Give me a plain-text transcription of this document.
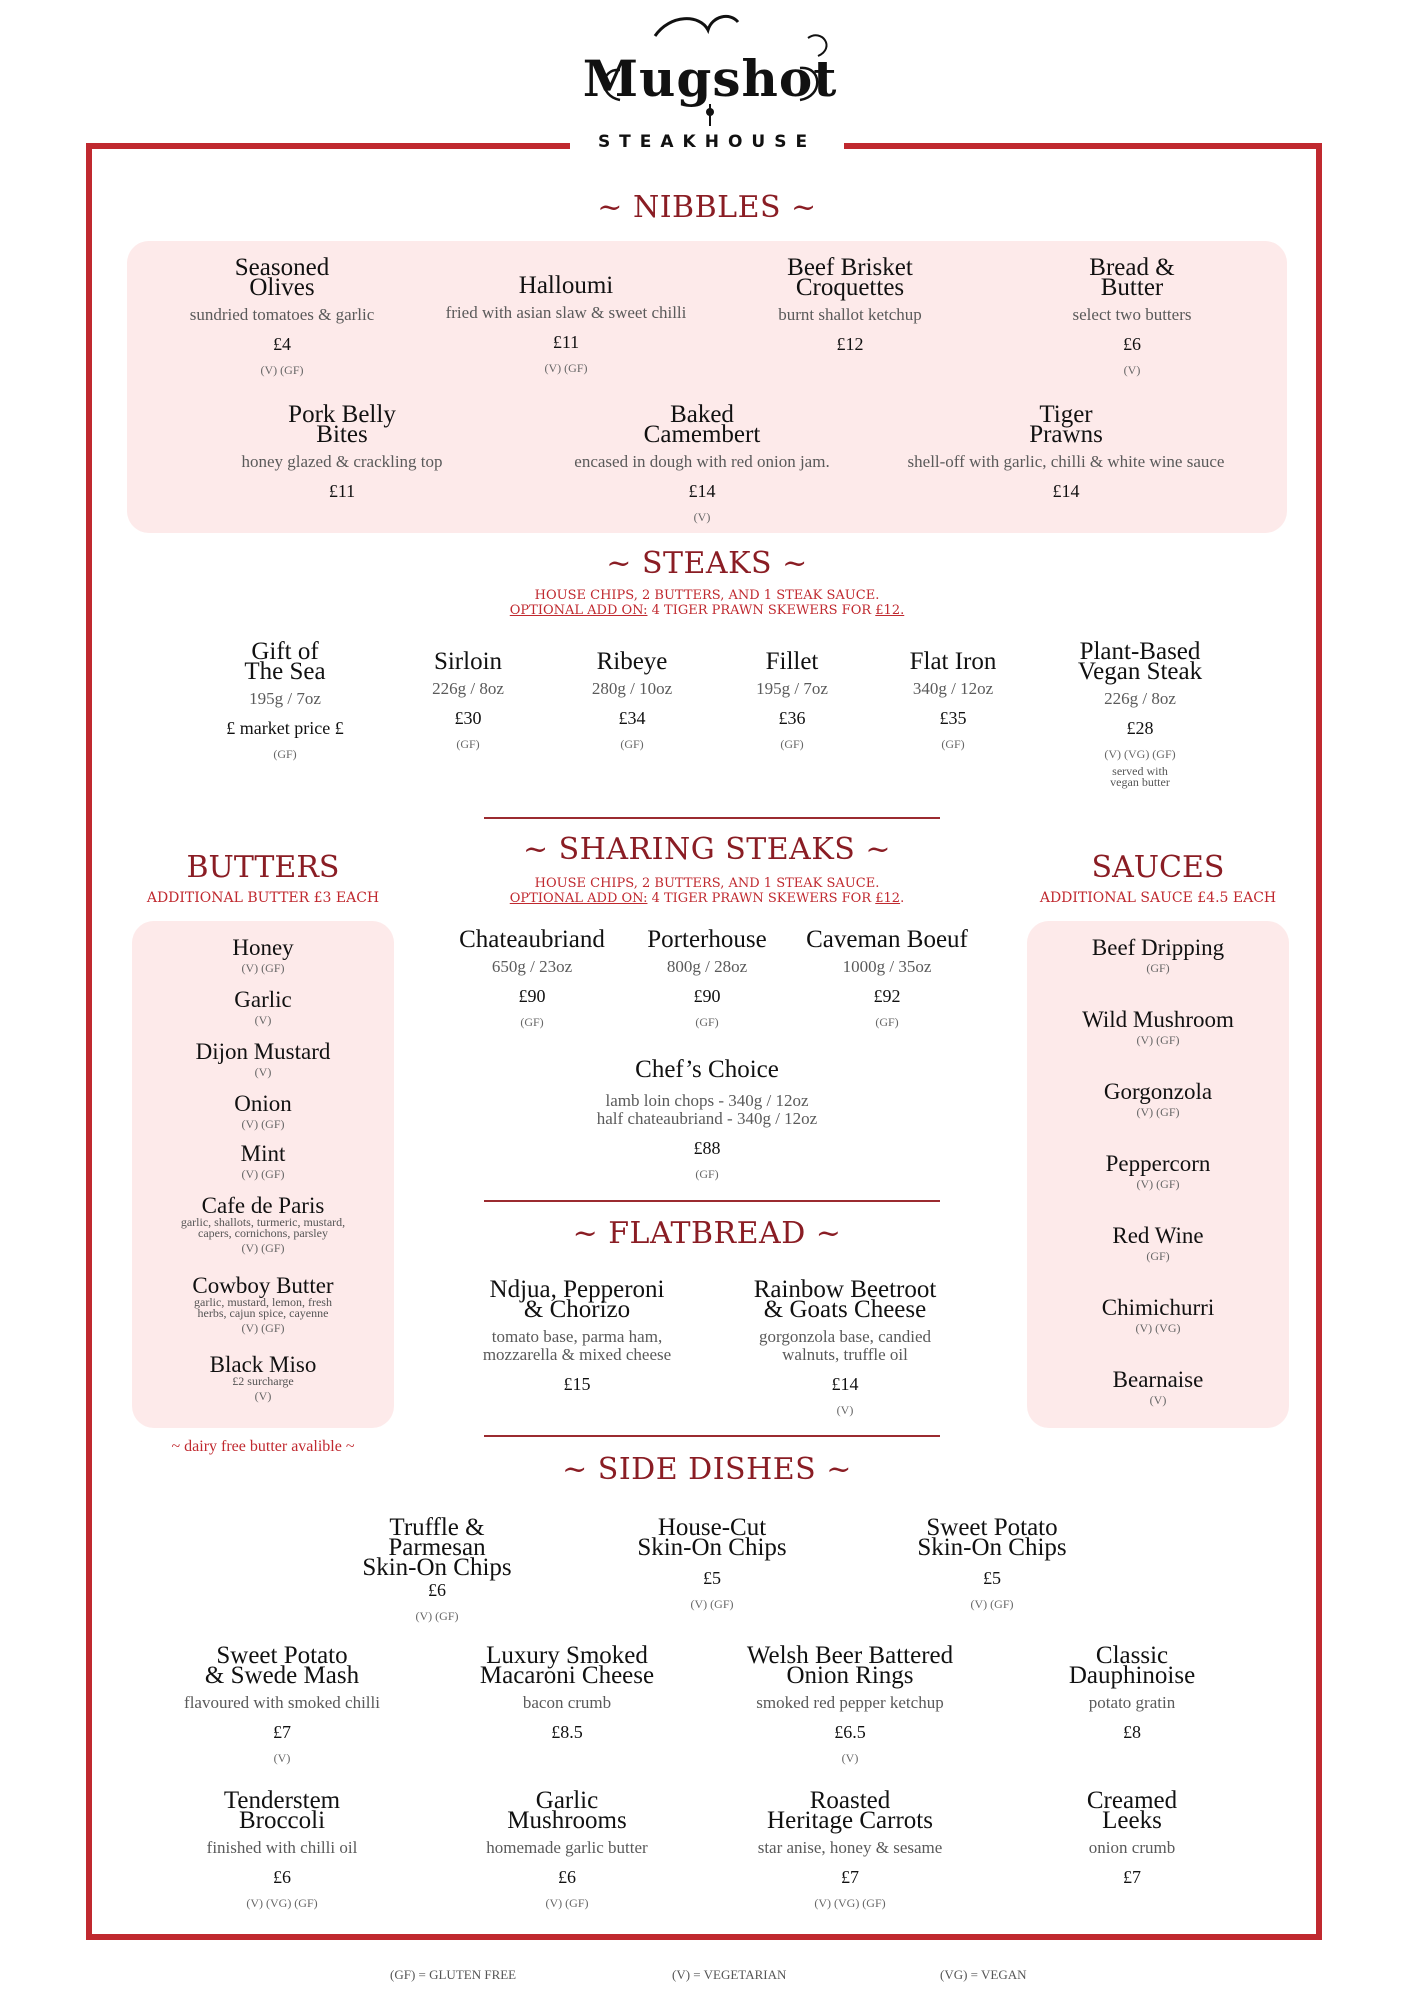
Mugshot
STEAKHOUSE
~ NIBBLES ~
Seasoned
Olives
sundried tomatoes & garlic
£4
(V) (GF)
Halloumi
fried with asian slaw & sweet chilli
£11
(V) (GF)
Beef Brisket
Croquettes
burnt shallot ketchup
£12
Bread &
Butter
select two butters
£6
(V)
Pork Belly
Bites
honey glazed & crackling top
£11
Baked
Camembert
encased in dough with red onion jam.
£14
(V)
Tiger
Prawns
shell-off with garlic, chilli & white wine sauce
£14
~ STEAKS ~
HOUSE CHIPS, 2 BUTTERS, AND 1 STEAK SAUCE.
OPTIONAL ADD ON: 4 TIGER PRAWN SKEWERS FOR £12.
Gift of
The Sea
195g / 7oz
£ market price £
(GF)
Sirloin
226g / 8oz
£30
(GF)
Ribeye
280g / 10oz
£34
(GF)
Fillet
195g / 7oz
£36
(GF)
Flat Iron
340g / 12oz
£35
(GF)
Plant-Based
Vegan Steak
226g / 8oz
£28
(V) (VG) (GF)
served with
vegan butter
BUTTERS
ADDITIONAL BUTTER £3 EACH
Honey
(V) (GF)
Garlic
(V)
Dijon Mustard
(V)
Onion
(V) (GF)
Mint
(V) (GF)
Cafe de Paris
garlic, shallots, turmeric, mustard,
capers, cornichons, parsley
(V) (GF)
Cowboy Butter
garlic, mustard, lemon, fresh
herbs, cajun spice, cayenne
(V) (GF)
Black Miso
£2 surcharge
(V)
~ dairy free butter avalible ~
~ SHARING STEAKS ~
HOUSE CHIPS, 2 BUTTERS, AND 1 STEAK SAUCE.
OPTIONAL ADD ON: 4 TIGER PRAWN SKEWERS FOR £12.
Chateaubriand
650g / 23oz
£90
(GF)
Porterhouse
800g / 28oz
£90
(GF)
Caveman Boeuf
1000g / 35oz
£92
(GF)
Chef’s Choice
lamb loin chops - 340g / 12oz
half chateaubriand - 340g / 12oz
£88
(GF)
SAUCES
ADDITIONAL SAUCE £4.5 EACH
Beef Dripping
(GF)
Wild Mushroom
(V) (GF)
Gorgonzola
(V) (GF)
Peppercorn
(V) (GF)
Red Wine
(GF)
Chimichurri
(V) (VG)
Bearnaise
(V)
~ FLATBREAD ~
Ndjua, Pepperoni
& Chorizo
tomato base, parma ham,
mozzarella & mixed cheese
£15
Rainbow Beetroot
& Goats Cheese
gorgonzola base, candied
walnuts, truffle oil
£14
(V)
~ SIDE DISHES ~
Truffle &
Parmesan
Skin-On Chips
£6
(V) (GF)
House-Cut
Skin-On Chips
£5
(V) (GF)
Sweet Potato
Skin-On Chips
£5
(V) (GF)
Sweet Potato
& Swede Mash
flavoured with smoked chilli
£7
(V)
Luxury Smoked
Macaroni Cheese
bacon crumb
£8.5
Welsh Beer Battered
Onion Rings
smoked red pepper ketchup
£6.5
(V)
Classic
Dauphinoise
potato gratin
£8
Tenderstem
Broccoli
finished with chilli oil
£6
(V) (VG) (GF)
Garlic
Mushrooms
homemade garlic butter
£6
(V) (GF)
Roasted
Heritage Carrots
star anise, honey & sesame
£7
(V) (VG) (GF)
Creamed
Leeks
onion crumb
£7
(GF) = GLUTEN FREE	(V) = VEGETARIAN	(VG) = VEGAN
